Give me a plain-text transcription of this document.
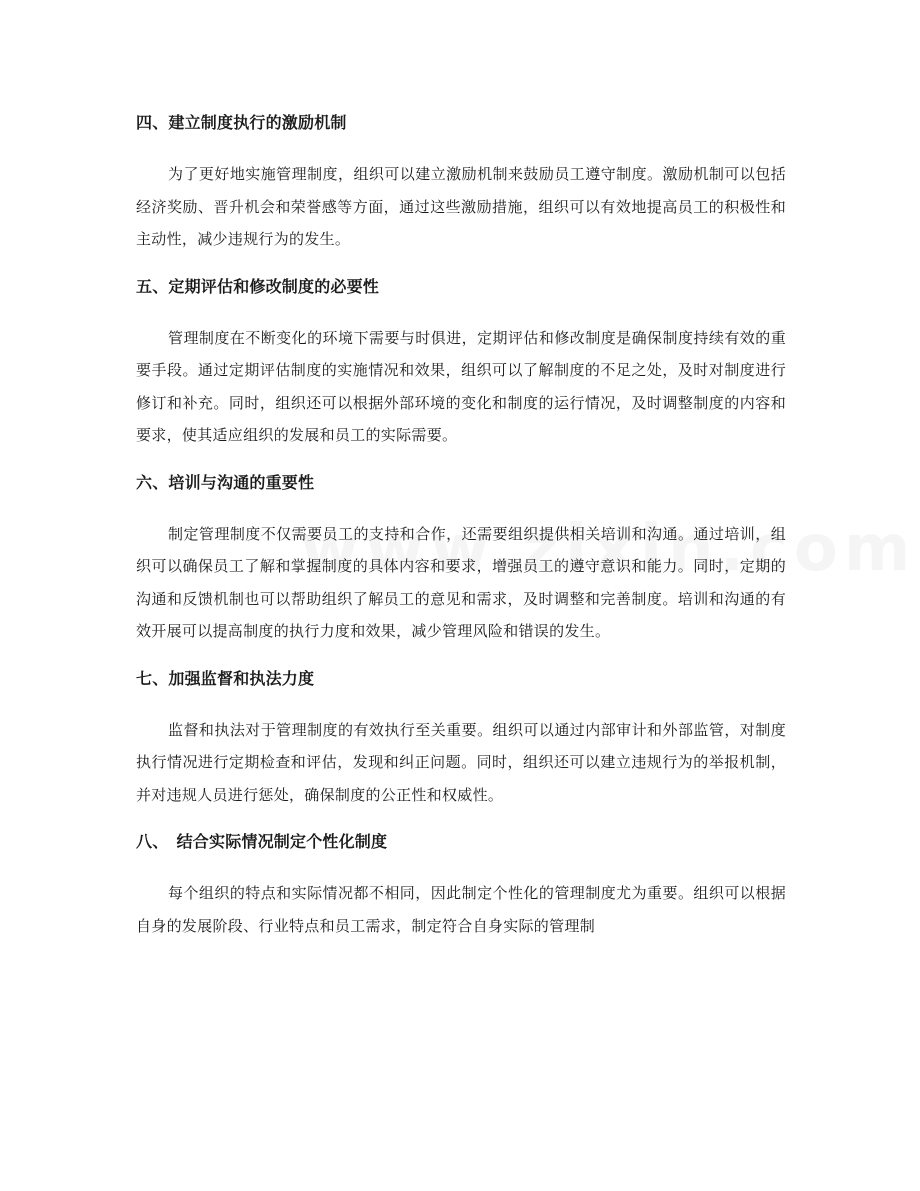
四、建立制度执行的激励机制

为了更好地实施管理制度，组织可以建立激励机制来鼓励员工遵守制度。激励机制可以包括经济奖励、晋升机会和荣誉感等方面，通过这些激励措施，组织可以有效地提高员工的积极性和主动性，减少违规行为的发生。

五、定期评估和修改制度的必要性

管理制度在不断变化的环境下需要与时俱进，定期评估和修改制度是确保制度持续有效的重要手段。通过定期评估制度的实施情况和效果，组织可以了解制度的不足之处，及时对制度进行修订和补充。同时，组织还可以根据外部环境的变化和制度的运行情况，及时调整制度的内容和要求，使其适应组织的发展和员工的实际需要。

六、培训与沟通的重要性

制定管理制度不仅需要员工的支持和合作，还需要组织提供相关培训和沟通。通过培训，组织可以确保员工了解和掌握制度的具体内容和要求，增强员工的遵守意识和能力。同时，定期的沟通和反馈机制也可以帮助组织了解员工的意见和需求，及时调整和完善制度。培训和沟通的有效开展可以提高制度的执行力度和效果，减少管理风险和错误的发生。

七、加强监督和执法力度

监督和执法对于管理制度的有效执行至关重要。组织可以通过内部审计和外部监管，对制度执行情况进行定期检查和评估，发现和纠正问题。同时，组织还可以建立违规行为的举报机制，并对违规人员进行惩处，确保制度的公正性和权威性。

八、　结合实际情况制定个性化制度

每个组织的特点和实际情况都不相同，因此制定个性化的管理制度尤为重要。组织可以根据自身的发展阶段、行业特点和员工需求，制定符合自身实际的管理制
